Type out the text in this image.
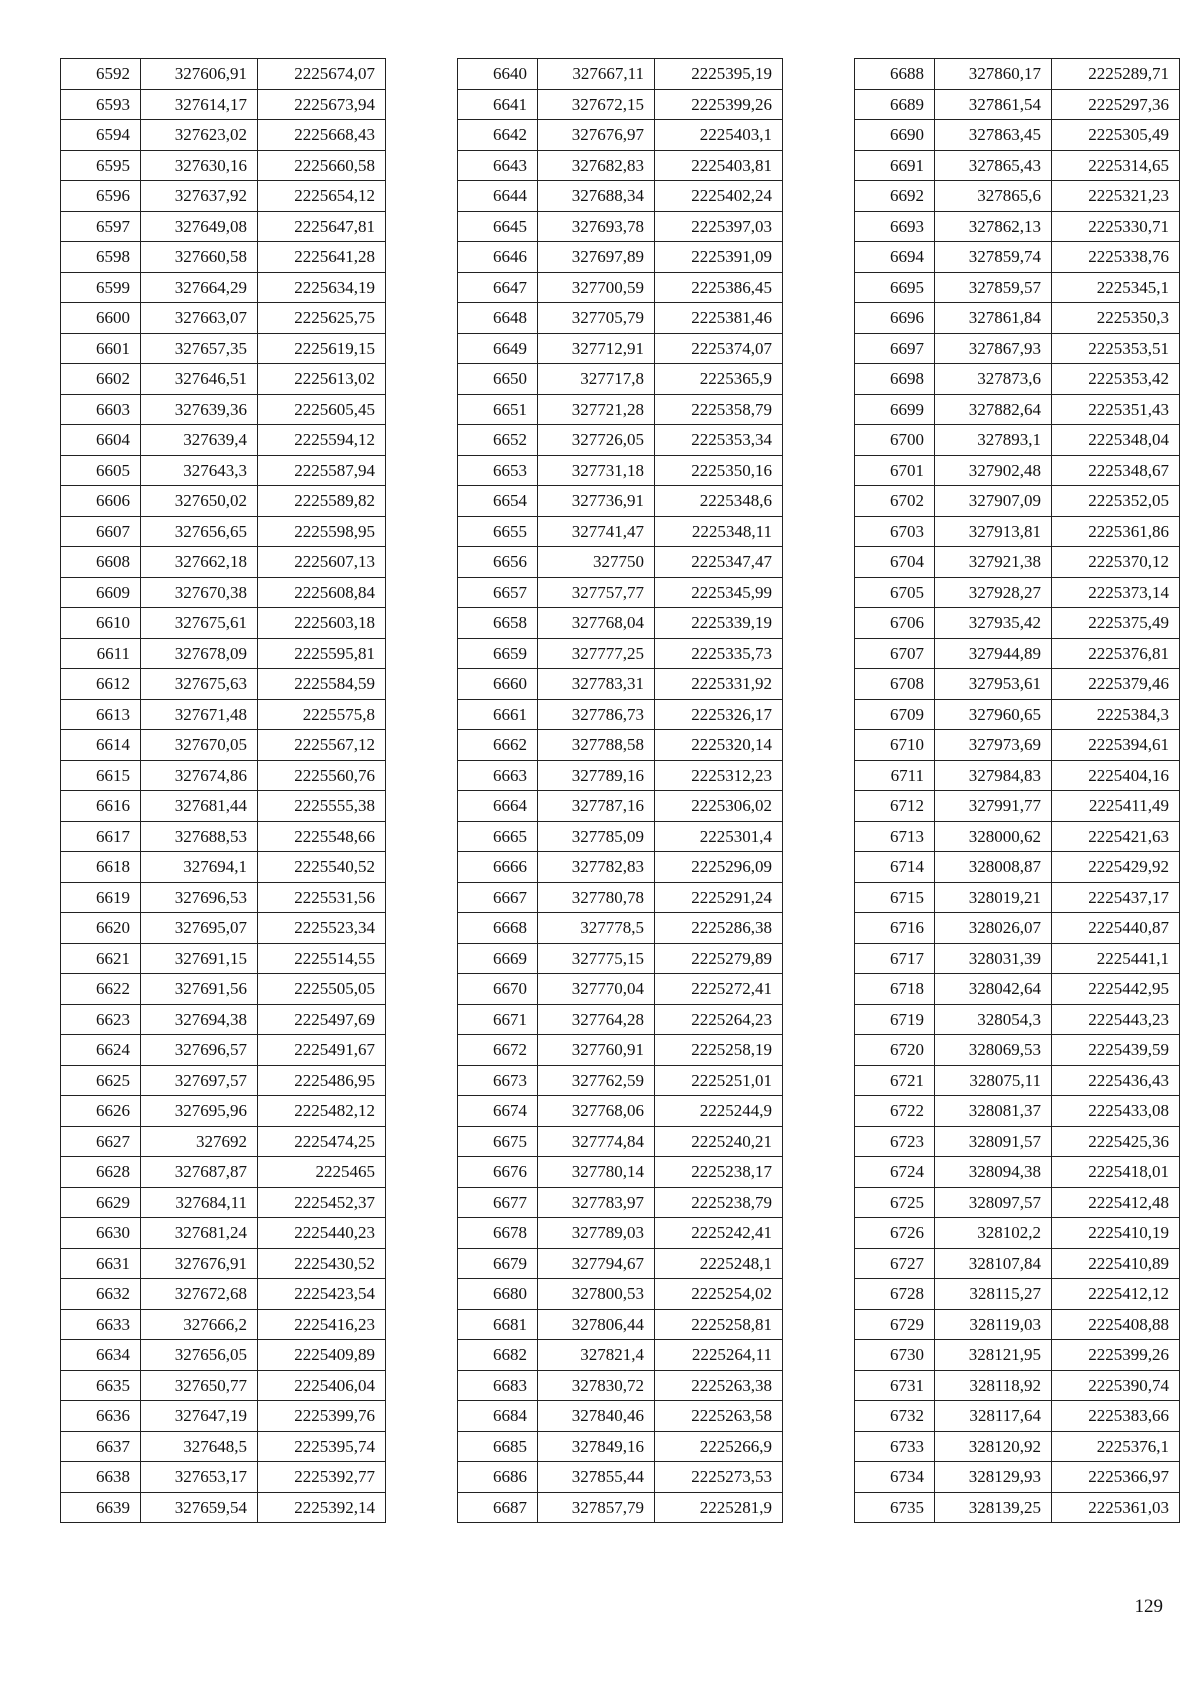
6592	327606,91	2225674,07
6593	327614,17	2225673,94
6594	327623,02	2225668,43
6595	327630,16	2225660,58
6596	327637,92	2225654,12
6597	327649,08	2225647,81
6598	327660,58	2225641,28
6599	327664,29	2225634,19
6600	327663,07	2225625,75
6601	327657,35	2225619,15
6602	327646,51	2225613,02
6603	327639,36	2225605,45
6604	327639,4	2225594,12
6605	327643,3	2225587,94
6606	327650,02	2225589,82
6607	327656,65	2225598,95
6608	327662,18	2225607,13
6609	327670,38	2225608,84
6610	327675,61	2225603,18
6611	327678,09	2225595,81
6612	327675,63	2225584,59
6613	327671,48	2225575,8
6614	327670,05	2225567,12
6615	327674,86	2225560,76
6616	327681,44	2225555,38
6617	327688,53	2225548,66
6618	327694,1	2225540,52
6619	327696,53	2225531,56
6620	327695,07	2225523,34
6621	327691,15	2225514,55
6622	327691,56	2225505,05
6623	327694,38	2225497,69
6624	327696,57	2225491,67
6625	327697,57	2225486,95
6626	327695,96	2225482,12
6627	327692	2225474,25
6628	327687,87	2225465
6629	327684,11	2225452,37
6630	327681,24	2225440,23
6631	327676,91	2225430,52
6632	327672,68	2225423,54
6633	327666,2	2225416,23
6634	327656,05	2225409,89
6635	327650,77	2225406,04
6636	327647,19	2225399,76
6637	327648,5	2225395,74
6638	327653,17	2225392,77
6639	327659,54	2225392,14
6640	327667,11	2225395,19
6641	327672,15	2225399,26
6642	327676,97	2225403,1
6643	327682,83	2225403,81
6644	327688,34	2225402,24
6645	327693,78	2225397,03
6646	327697,89	2225391,09
6647	327700,59	2225386,45
6648	327705,79	2225381,46
6649	327712,91	2225374,07
6650	327717,8	2225365,9
6651	327721,28	2225358,79
6652	327726,05	2225353,34
6653	327731,18	2225350,16
6654	327736,91	2225348,6
6655	327741,47	2225348,11
6656	327750	2225347,47
6657	327757,77	2225345,99
6658	327768,04	2225339,19
6659	327777,25	2225335,73
6660	327783,31	2225331,92
6661	327786,73	2225326,17
6662	327788,58	2225320,14
6663	327789,16	2225312,23
6664	327787,16	2225306,02
6665	327785,09	2225301,4
6666	327782,83	2225296,09
6667	327780,78	2225291,24
6668	327778,5	2225286,38
6669	327775,15	2225279,89
6670	327770,04	2225272,41
6671	327764,28	2225264,23
6672	327760,91	2225258,19
6673	327762,59	2225251,01
6674	327768,06	2225244,9
6675	327774,84	2225240,21
6676	327780,14	2225238,17
6677	327783,97	2225238,79
6678	327789,03	2225242,41
6679	327794,67	2225248,1
6680	327800,53	2225254,02
6681	327806,44	2225258,81
6682	327821,4	2225264,11
6683	327830,72	2225263,38
6684	327840,46	2225263,58
6685	327849,16	2225266,9
6686	327855,44	2225273,53
6687	327857,79	2225281,9
6688	327860,17	2225289,71
6689	327861,54	2225297,36
6690	327863,45	2225305,49
6691	327865,43	2225314,65
6692	327865,6	2225321,23
6693	327862,13	2225330,71
6694	327859,74	2225338,76
6695	327859,57	2225345,1
6696	327861,84	2225350,3
6697	327867,93	2225353,51
6698	327873,6	2225353,42
6699	327882,64	2225351,43
6700	327893,1	2225348,04
6701	327902,48	2225348,67
6702	327907,09	2225352,05
6703	327913,81	2225361,86
6704	327921,38	2225370,12
6705	327928,27	2225373,14
6706	327935,42	2225375,49
6707	327944,89	2225376,81
6708	327953,61	2225379,46
6709	327960,65	2225384,3
6710	327973,69	2225394,61
6711	327984,83	2225404,16
6712	327991,77	2225411,49
6713	328000,62	2225421,63
6714	328008,87	2225429,92
6715	328019,21	2225437,17
6716	328026,07	2225440,87
6717	328031,39	2225441,1
6718	328042,64	2225442,95
6719	328054,3	2225443,23
6720	328069,53	2225439,59
6721	328075,11	2225436,43
6722	328081,37	2225433,08
6723	328091,57	2225425,36
6724	328094,38	2225418,01
6725	328097,57	2225412,48
6726	328102,2	2225410,19
6727	328107,84	2225410,89
6728	328115,27	2225412,12
6729	328119,03	2225408,88
6730	328121,95	2225399,26
6731	328118,92	2225390,74
6732	328117,64	2225383,66
6733	328120,92	2225376,1
6734	328129,93	2225366,97
6735	328139,25	2225361,03
129
